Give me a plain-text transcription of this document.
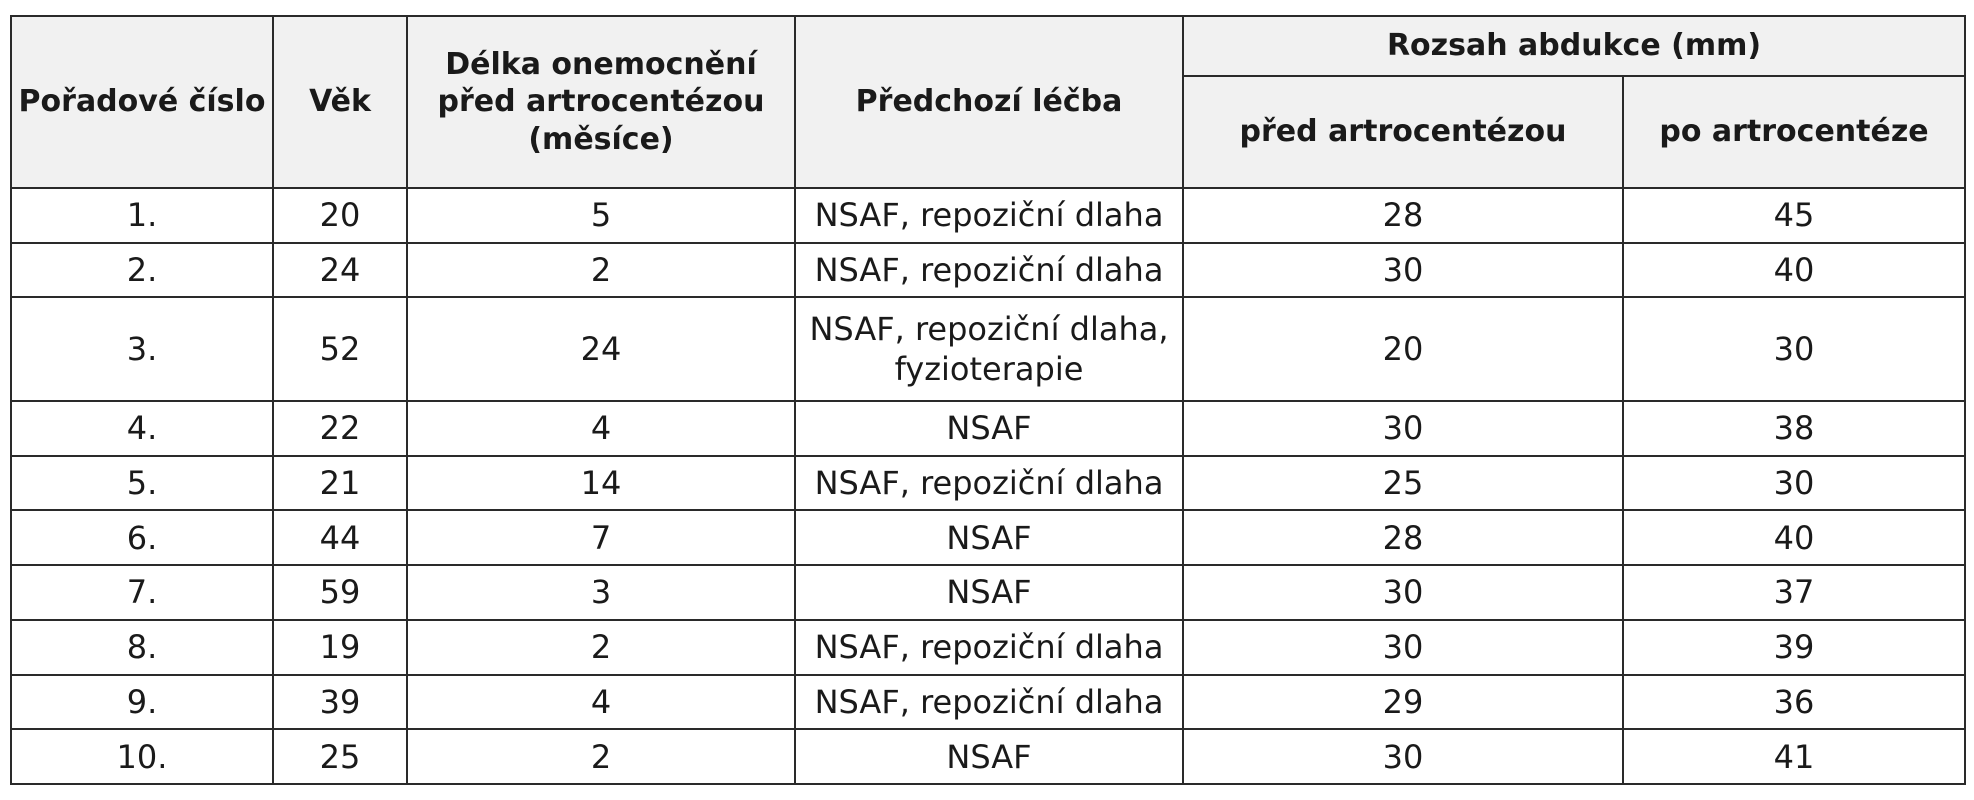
Pořadové číslo	Věk	Délka onemocnění před artrocentézou (měsíce)	Předchozí léčba	Rozsah abdukce (mm)	
				před artrocentézou	po artrocentéze
1.	20	5	NSAF, repoziční dlaha	28	45
2.	24	2	NSAF, repoziční dlaha	30	40
3.	52	24	NSAF, repoziční dlaha, fyzioterapie	20	30
4.	22	4	NSAF	30	38
5.	21	14	NSAF, repoziční dlaha	25	30
6.	44	7	NSAF	28	40
7.	59	3	NSAF	30	37
8.	19	2	NSAF, repoziční dlaha	30	39
9.	39	4	NSAF, repoziční dlaha	29	36
10.	25	2	NSAF	30	41
